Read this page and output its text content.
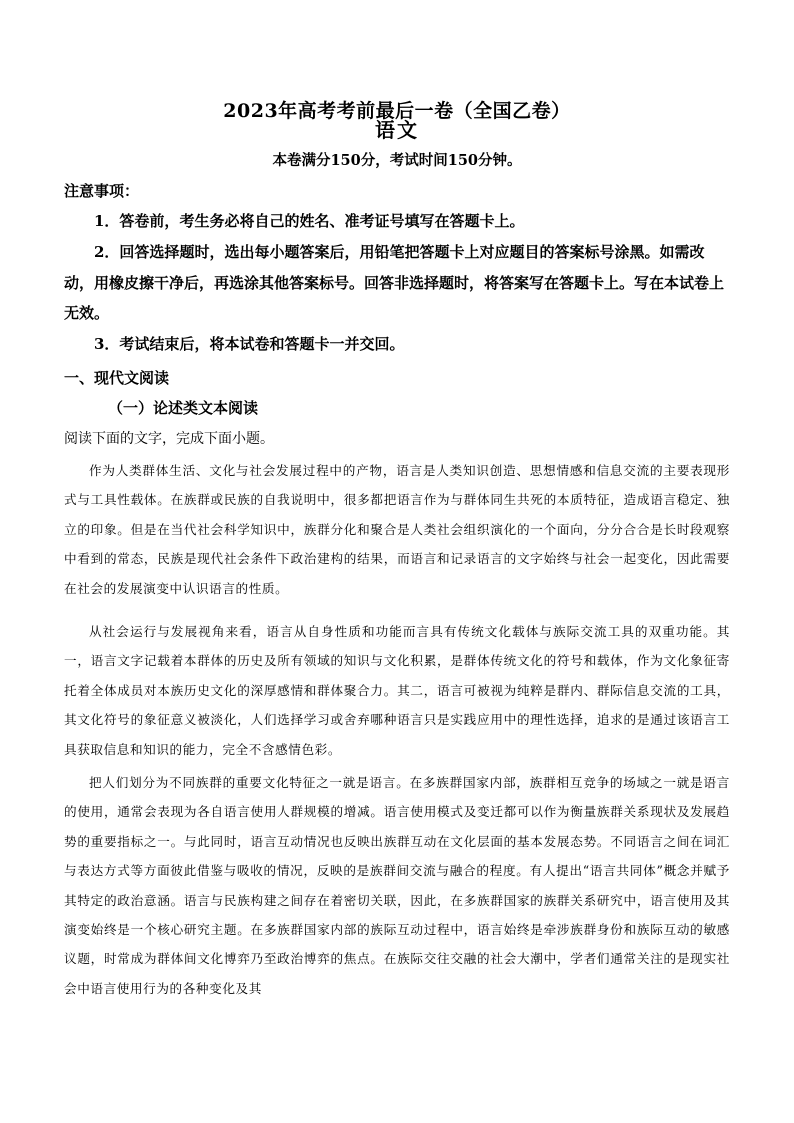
2023年高考考前最后一卷（全国乙卷）
语文
本卷满分150分，考试时间150分钟。
注意事项：
1．答卷前，考生务必将自己的姓名、准考证号填写在答题卡上。
2．回答选择题时，选出每小题答案后，用铅笔把答题卡上对应题目的答案标号涂黑。如需改动，用橡皮擦干净后，再选涂其他答案标号。回答非选择题时，将答案写在答题卡上。写在本试卷上无效。
3．考试结束后，将本试卷和答题卡一并交回。
一、现代文阅读
（一）论述类文本阅读
阅读下面的文字，完成下面小题。
作为人类群体生活、文化与社会发展过程中的产物，语言是人类知识创造、思想情感和信息交流的主要表现形式与工具性载体。在族群或民族的自我说明中，很多都把语言作为与群体同生共死的本质特征，造成语言稳定、独立的印象。但是在当代社会科学知识中，族群分化和聚合是人类社会组织演化的一个面向，分分合合是长时段观察中看到的常态，民族是现代社会条件下政治建构的结果，而语言和记录语言的文字始终与社会一起变化，因此需要在社会的发展演变中认识语言的性质。
从社会运行与发展视角来看，语言从自身性质和功能而言具有传统文化载体与族际交流工具的双重功能。其一，语言文字记载着本群体的历史及所有领域的知识与文化积累，是群体传统文化的符号和载体，作为文化象征寄托着全体成员对本族历史文化的深厚感情和群体聚合力。其二，语言可被视为纯粹是群内、群际信息交流的工具，其文化符号的象征意义被淡化，人们选择学习或舍弃哪种语言只是实践应用中的理性选择，追求的是通过该语言工具获取信息和知识的能力，完全不含感情色彩。
把人们划分为不同族群的重要文化特征之一就是语言。在多族群国家内部，族群相互竞争的场域之一就是语言的使用，通常会表现为各自语言使用人群规模的增减。语言使用模式及变迁都可以作为衡量族群关系现状及发展趋势的重要指标之一。与此同时，语言互动情况也反映出族群互动在文化层面的基本发展态势。不同语言之间在词汇与表达方式等方面彼此借鉴与吸收的情况，反映的是族群间交流与融合的程度。有人提出“语言共同体”概念并赋予其特定的政治意涵。语言与民族构建之间存在着密切关联，因此，在多族群国家的族群关系研究中，语言使用及其演变始终是一个核心研究主题。在多族群国家内部的族际互动过程中，语言始终是牵涉族群身份和族际互动的敏感议题，时常成为群体间文化博弈乃至政治博弈的焦点。在族际交往交融的社会大潮中，学者们通常关注的是现实社会中语言使用行为的各种变化及其
